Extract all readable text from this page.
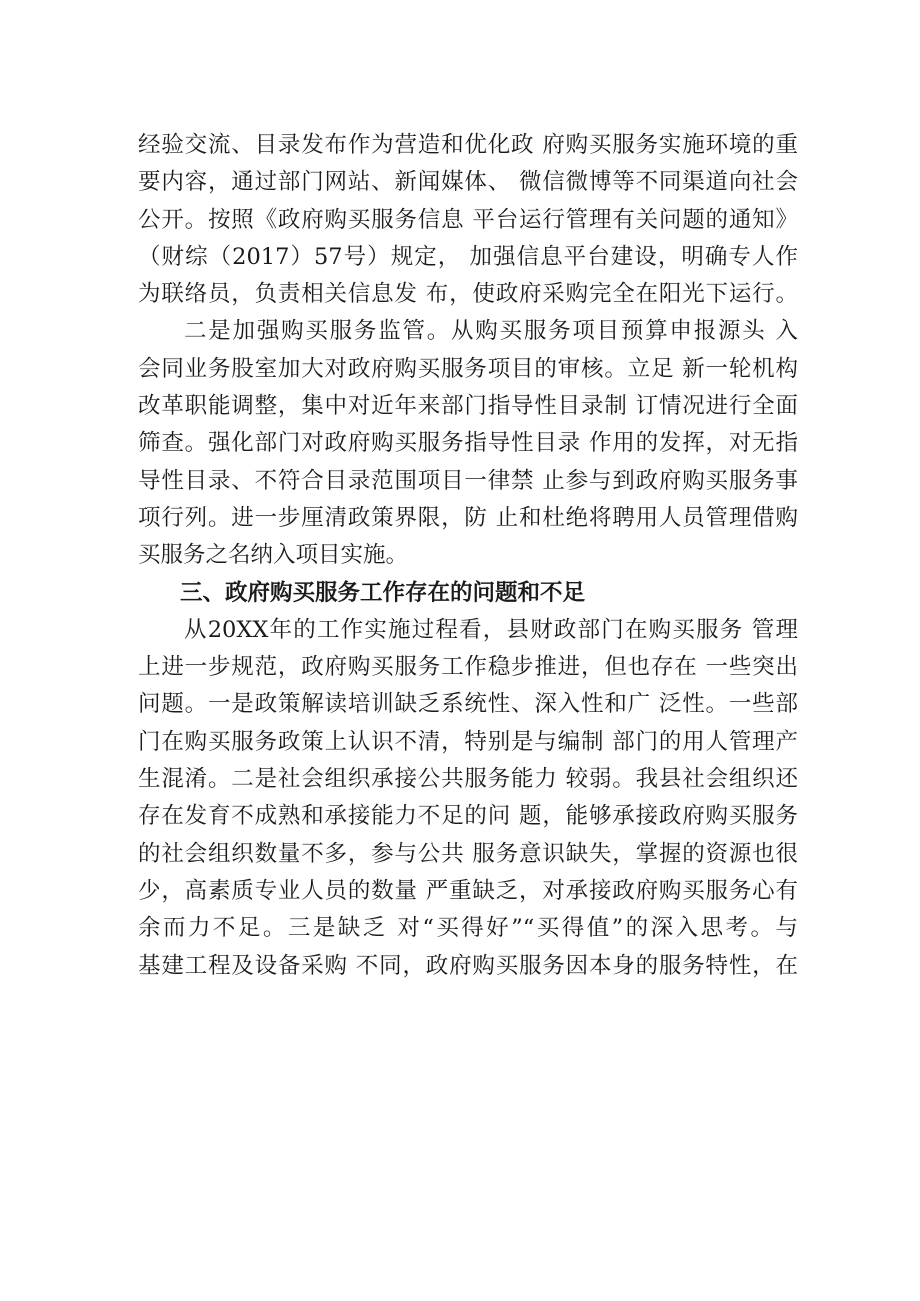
经验交流、目录发布作为营造和优化政 府购买服务实施环境的重
要内容，通过部门网站、新闻媒体、 微信微博等不同渠道向社会
公开。按照《政府购买服务信息 平台运行管理有关问题的通知》
（财综（2017）57号）规定， 加强信息平台建设，明确专人作
为联络员，负责相关信息发 布，使政府采购完全在阳光下运行。
二是加强购买服务监管。从购买服务项目预算申报源头 入
会同业务股室加大对政府购买服务项目的审核。立足 新一轮机构
改革职能调整，集中对近年来部门指导性目录制 订情况进行全面
筛查。强化部门对政府购买服务指导性目录 作用的发挥，对无指
导性目录、不符合目录范围项目一律禁 止参与到政府购买服务事
项行列。进一步厘清政策界限，防 止和杜绝将聘用人员管理借购
买服务之名纳入项目实施。
三、政府购买服务工作存在的问题和不足
从20XX年的工作实施过程看，县财政部门在购买服务 管理
上进一步规范，政府购买服务工作稳步推进，但也存在 一些突出
问题。一是政策解读培训缺乏系统性、深入性和广 泛性。一些部
门在购买服务政策上认识不清，特别是与编制 部门的用人管理产
生混淆。二是社会组织承接公共服务能力 较弱。我县社会组织还
存在发育不成熟和承接能力不足的问 题，能够承接政府购买服务
的社会组织数量不多，参与公共 服务意识缺失，掌握的资源也很
少，高素质专业人员的数量 严重缺乏，对承接政府购买服务心有
余而力不足。三是缺乏 对“买得好”“买得值”的深入思考。与
基建工程及设备采购 不同，政府购买服务因本身的服务特性，在
